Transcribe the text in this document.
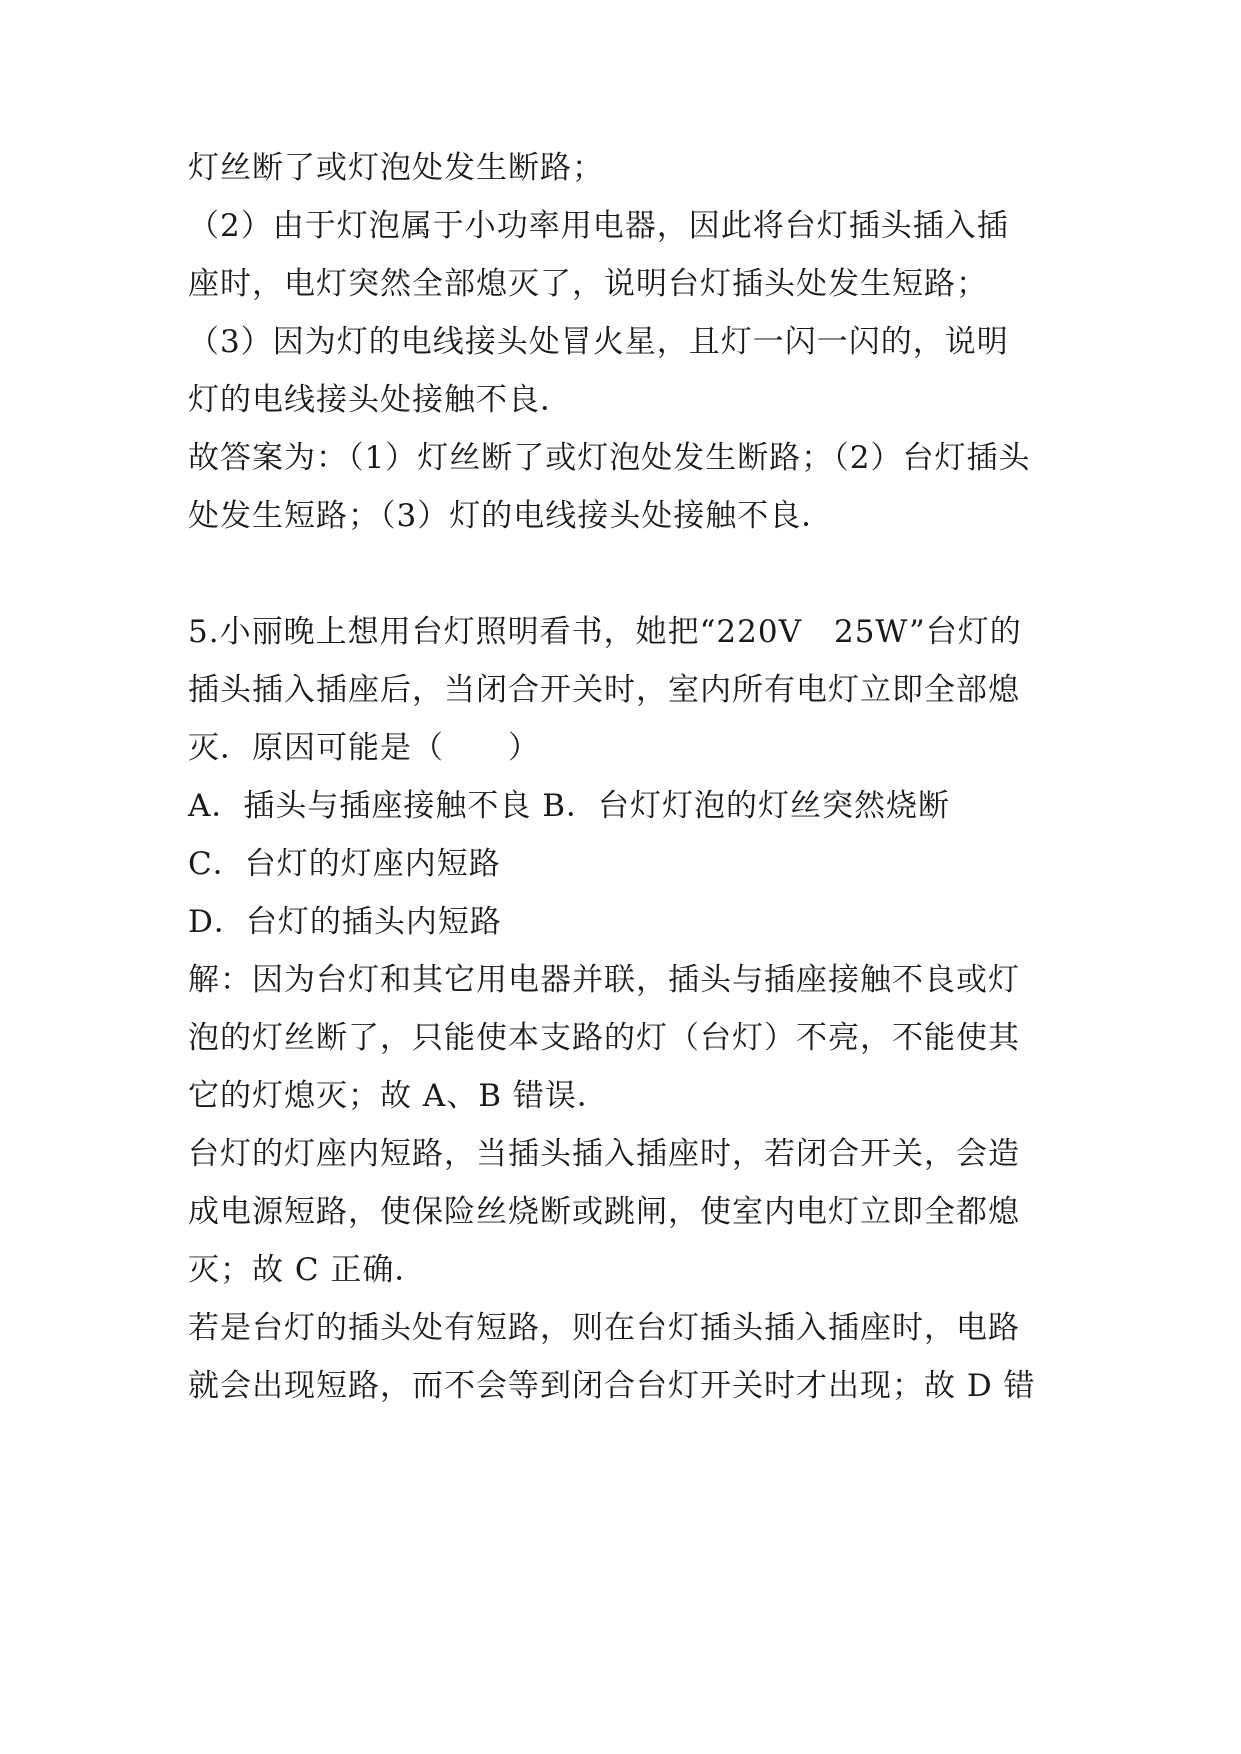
灯丝断了或灯泡处发生断路；
（2）由于灯泡属于小功率用电器，因此将台灯插头插入插
座时，电灯突然全部熄灭了，说明台灯插头处发生短路；
（3）因为灯的电线接头处冒火星，且灯一闪一闪的，说明
灯的电线接头处接触不良．
故答案为：（1）灯丝断了或灯泡处发生断路；（2）台灯插头
处发生短路；（3）灯的电线接头处接触不良．
5.小丽晚上想用台灯照明看书，她把“220V　25W”台灯的
插头插入插座后，当闭合开关时，室内所有电灯立即全部熄
灭．原因可能是（　　）
A．插头与插座接触不良 B．台灯灯泡的灯丝突然烧断
C．台灯的灯座内短路
D．台灯的插头内短路
解：因为台灯和其它用电器并联，插头与插座接触不良或灯
泡的灯丝断了，只能使本支路的灯（台灯）不亮，不能使其
它的灯熄灭；故 A、B 错误．
台灯的灯座内短路，当插头插入插座时，若闭合开关，会造
成电源短路，使保险丝烧断或跳闸，使室内电灯立即全都熄
灭；故 C 正确．
若是台灯的插头处有短路，则在台灯插头插入插座时，电路
就会出现短路，而不会等到闭合台灯开关时才出现；故 D 错
